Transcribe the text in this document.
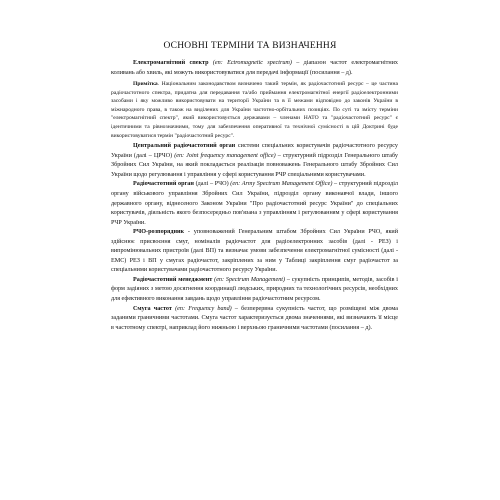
ОСНОВНІ ТЕРМІНИ ТА ВИЗНАЧЕННЯ

Електромагнітний спектр (en: Ectromagnetic spectrum) – діапазон частот електромагнітних коливань або хвиль, які можуть використовуватися для передачі інформації (посилання – д).

Примітка. Національним законодавством визначено такий термін, як радіочастотний ресурс – це частина радіочастотного спектра, придатна для передавання та/або приймання електромагнітної енергії радіоелектронними засобами і яку можливо використовувати на території України та в її межами відповідно до законів України в міжнародного права, в також на виділених для України частотно-орбітальних позиціях. По суті та змісту терміни "електромагнітний спектр", який використовується державами – членами НАТО та "радіочастотний ресурс" є ідентичними та рівнозначними, тому для забезпечення оперативної та технічної сумісності в цій Доктрині буде використовуватися термін "радіочастотний ресурс".

Центральний радіочастотний орган системи спеціальних користувачів радіочастотного ресурсу України (далі – ЦРЧО) (en: Joint frequency management office) – структурний підрозділ Генерального штабу Збройних Сил України, на який покладається реалізація повноважень Генерального штабу Збройних Сил України щодо регулювання і управління у сфері користування РЧР спеціальними користувачами.

Радіочастотний орган (далі – РЧО) (en: Army Spectrum Management Office) – структурний підрозділ органу військового управління Збройних Сил України, підрозділ органу виконавчої влади, іншого державного органу, віднесеного Законом України "Про радіочастотний ресурс України" до спеціальних користувачів, діяльність якого безпосередньо пов'язана з управлінням і регулюванням у сфері користування РЧР України.

РЧО-розпорядник - уповноважений Генеральним штабом Збройних Сил України РЧО, який здійснює присвоєння смуг, номіналів радіочастот для радіоелектронних засобів (далі - РЕЗ) і випромінювальних пристроїв (далі ВП) та визначає умови забезпечення електромагнітної сумісності (далі - ЕМС) РЕЗ і ВП у смугах радіочастот, закріплених за ним у Таблиці закріплення смуг радіочастот за спеціальними користувачами радіочастотного ресурсу України.

Радіочастотний менеджмент (en: Spectrum Management) – сукупність принципів, методів, засобів і форм задіяних з метою досягнення координації людських, природних та технологічних ресурсів, необхідних для ефективного виконання завдань щодо управління радіочастотним ресурсом.

Смуга частот (en: Frequency band) – безперервна сукупність частот, що розміщені між двома заданими граничними частотами. Смуга частот характеризується двома значеннями, які визначають її місце в частотному спектрі, наприклад його нижньою і верхньою граничними частотами (посилання – д).
